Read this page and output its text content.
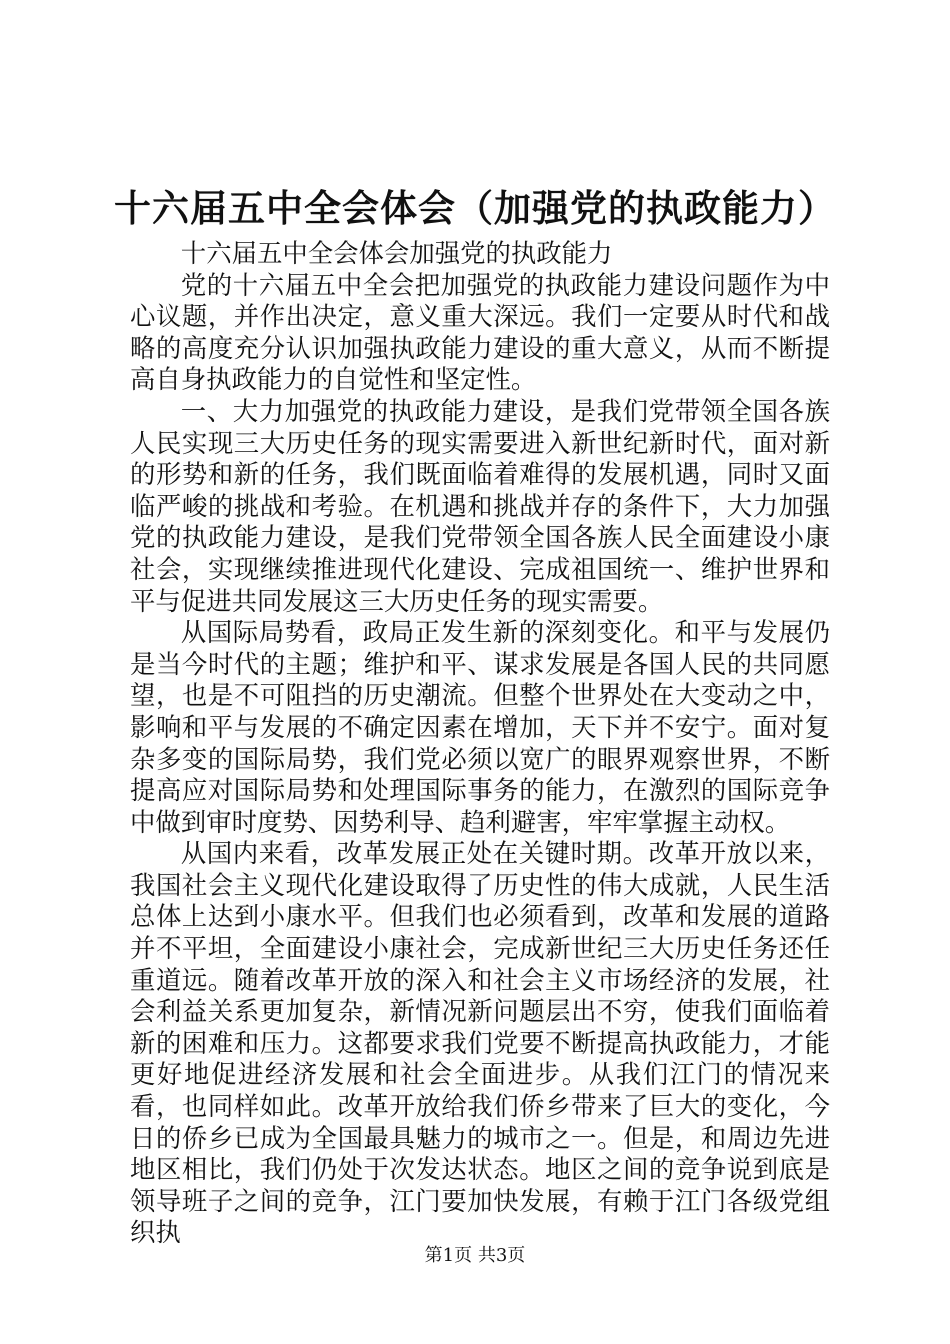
十六届五中全会体会（加强党的执政能力）

十六届五中全会体会加强党的执政能力

党的十六届五中全会把加强党的执政能力建设问题作为中心议题，并作出决定，意义重大深远。我们一定要从时代和战略的高度充分认识加强执政能力建设的重大意义，从而不断提高自身执政能力的自觉性和坚定性。

一、大力加强党的执政能力建设，是我们党带领全国各族人民实现三大历史任务的现实需要进入新世纪新时代，面对新的形势和新的任务，我们既面临着难得的发展机遇，同时又面临严峻的挑战和考验。在机遇和挑战并存的条件下，大力加强党的执政能力建设，是我们党带领全国各族人民全面建设小康社会，实现继续推进现代化建设、完成祖国统一、维护世界和平与促进共同发展这三大历史任务的现实需要。

从国际局势看，政局正发生新的深刻变化。和平与发展仍是当今时代的主题；维护和平、谋求发展是各国人民的共同愿望，也是不可阻挡的历史潮流。但整个世界处在大变动之中，影响和平与发展的不确定因素在增加，天下并不安宁。面对复杂多变的国际局势，我们党必须以宽广的眼界观察世界，不断提高应对国际局势和处理国际事务的能力，在激烈的国际竞争中做到审时度势、因势利导、趋利避害，牢牢掌握主动权。

从国内来看，改革发展正处在关键时期。改革开放以来，我国社会主义现代化建设取得了历史性的伟大成就，人民生活总体上达到小康水平。但我们也必须看到，改革和发展的道路并不平坦，全面建设小康社会，完成新世纪三大历史任务还任重道远。随着改革开放的深入和社会主义市场经济的发展，社会利益关系更加复杂，新情况新问题层出不穷，使我们面临着新的困难和压力。这都要求我们党要不断提高执政能力，才能更好地促进经济发展和社会全面进步。从我们江门的情况来看，也同样如此。改革开放给我们侨乡带来了巨大的变化，今日的侨乡已成为全国最具魅力的城市之一。但是，和周边先进地区相比，我们仍处于次发达状态。地区之间的竞争说到底是领导班子之间的竞争，江门要加快发展，有赖于江门各级党组织执

第1页 共3页
